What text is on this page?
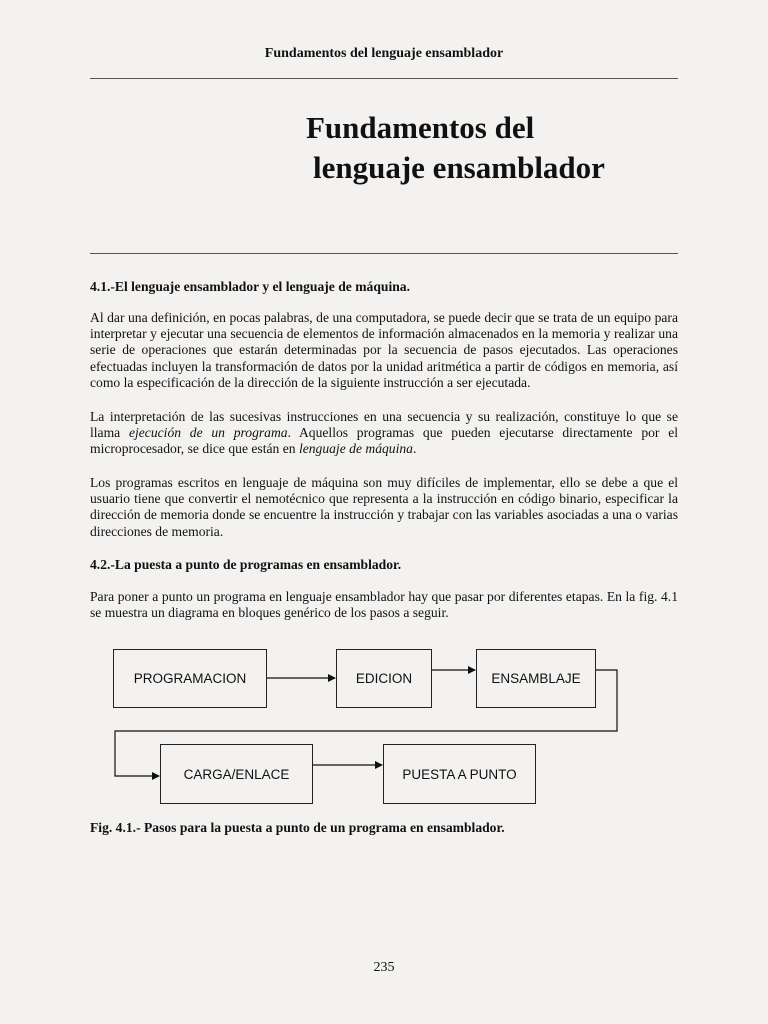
Fundamentos del lenguaje ensamblador
Fundamentos del
lenguaje ensamblador
4.1.-El lenguaje ensamblador y el lenguaje de máquina.

Al dar una definición, en pocas palabras, de una computadora, se puede decir que se trata de un equipo para interpretar y ejecutar una secuencia de elementos de información almacenados en la memoria y realizar una serie de operaciones que estarán determinadas por la secuencia de pasos ejecutados. Las operaciones efectuadas incluyen la transformación de datos por la unidad aritmética a partir de códigos en memoria, así como la especificación de la dirección de la siguiente instrucción a ser ejecutada.

La interpretación de las sucesivas instrucciones en una secuencia y su realización, constituye lo que se llama ejecución de un programa. Aquellos programas que pueden ejecutarse directamente por el microprocesador, se dice que están en lenguaje de máquina.

Los programas escritos en lenguaje de máquina son muy difíciles de implementar, ello se debe a que el usuario tiene que convertir el nemotécnico que representa a la instrucción en código binario, especificar la dirección de memoria donde se encuentre la instrucción y trabajar con las variables asociadas a una o varias direcciones de memoria.

4.2.-La puesta a punto de programas en ensamblador.

Para poner a punto un programa en lenguaje ensamblador hay que pasar por diferentes etapas. En la fig. 4.1 se muestra un diagrama en bloques genérico de los pasos a seguir.

PROGRAMACION	EDICION	ENSAMBLAJE
CARGA/ENLACE	PUESTA A PUNTO
Fig. 4.1.- Pasos para la puesta a punto de un programa en ensamblador.
235
